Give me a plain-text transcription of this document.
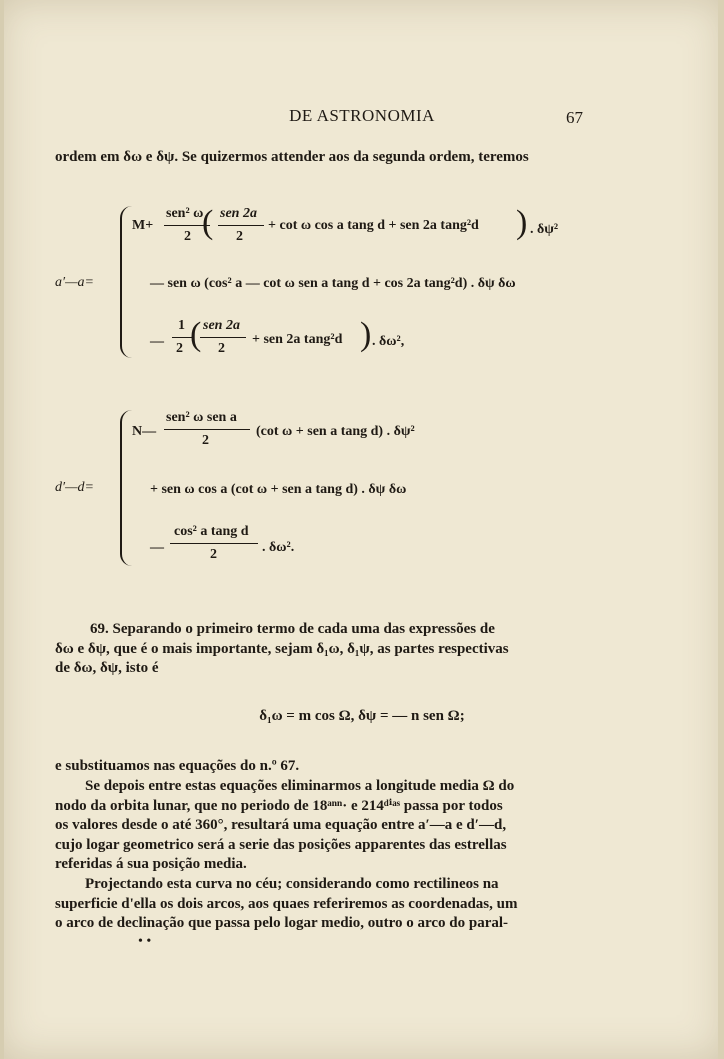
DE ASTRONOMIA	67
ordem em δω e δψ. Se quizermos attender aos da segunda ordem, teremos
a′—a=
M+
sen² ω
2 ( sen 2a
2
+ cot ω cos a tang d + sen 2a tang²d ) . δψ²
— sen ω (cos² a — cot ω sen a tang d + cos 2a tang²d) . δψ δω
—
1
2 ( sen 2a
2
+ sen 2a tang²d ) . δω²,
d′—d=
N—
sen² ω sen a
2
(cot ω + sen a tang d) . δψ²
+ sen ω cos a (cot ω + sen a tang d) . δψ δω
—
cos² a tang d
2	. δω².
69. Separando o primeiro termo de cada uma das expressões de
δω e δψ, que é o mais importante, sejam δ₁ω, δ₁ψ, as partes respectivas
de δω, δψ, isto é
δ₁ω = m cos Ω, δψ = — n sen Ω;
e substituamos nas equações do n.º 67.
Se depois entre estas equações eliminarmos a longitude media Ω do
nodo da orbita lunar, que no periodo de 18ᵃⁿⁿ· e 214ᵈⁱᵃˢ passa por todos
os valores desde o até 360°, resultará uma equação entre a′—a e d′—d,
cujo logar geometrico será a serie das posições apparentes das estrellas
referidas á sua posição media.
Projectando esta curva no céu; considerando como rectilineos na
superficie d'ella os dois arcos, aos quaes referiremos as coordenadas, um
o arco de declinação que passa pelo logar medio, outro o arco do paral-
• •
